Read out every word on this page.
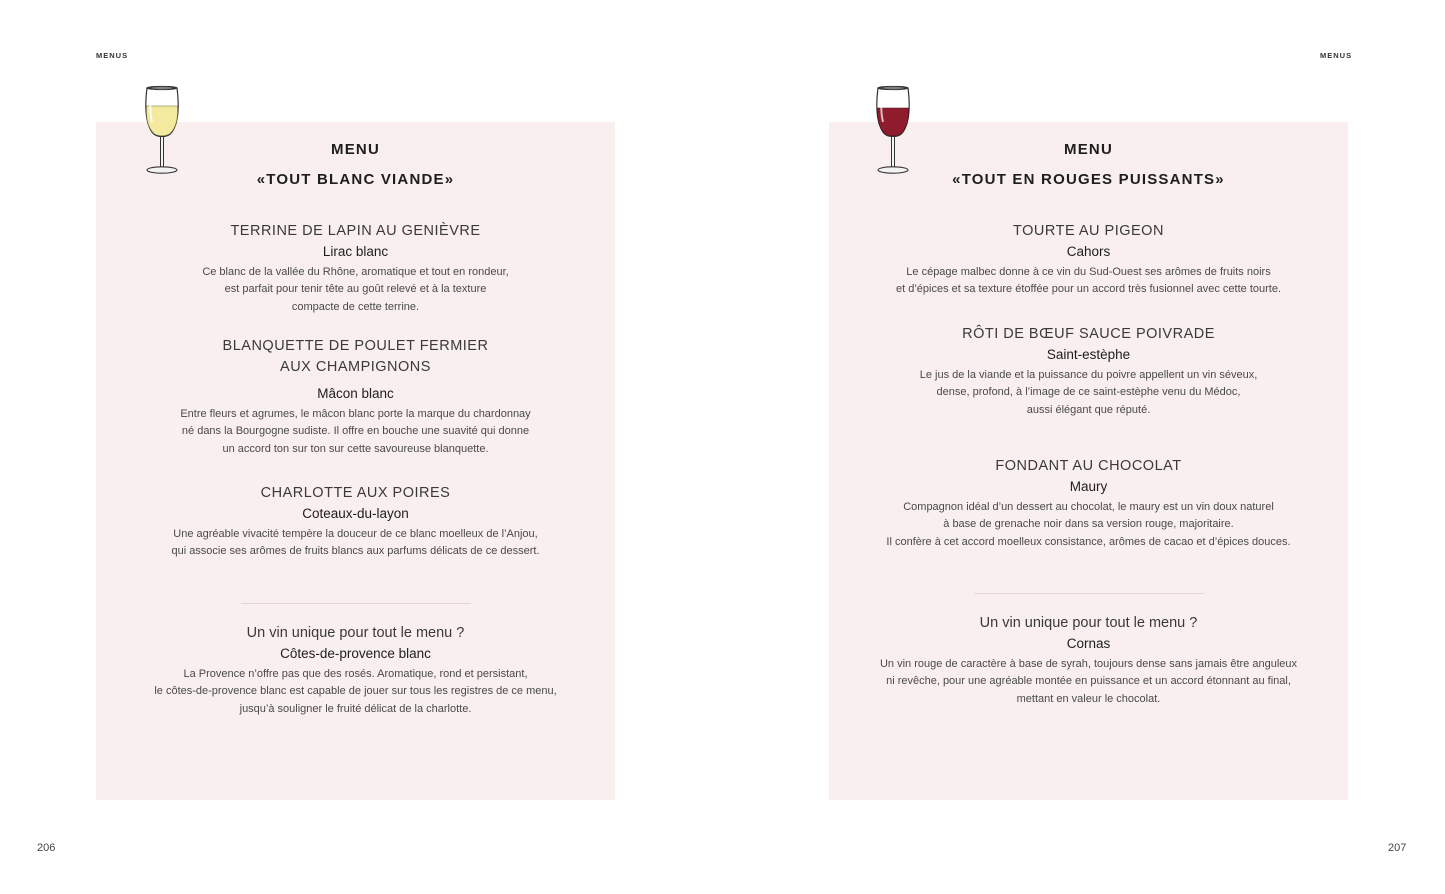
MENUS	MENUS
206	207
MENU
«TOUT BLANC VIANDE»
TERRINE DE LAPIN AU GENIÈVRE
Lirac blanc
Ce blanc de la vallée du Rhône, aromatique et tout en rondeur,
est parfait pour tenir tête au goût relevé et à la texture
compacte de cette terrine.
BLANQUETTE DE POULET FERMIER
AUX CHAMPIGNONS
Mâcon blanc
Entre fleurs et agrumes, le mâcon blanc porte la marque du chardonnay
né dans la Bourgogne sudiste. Il offre en bouche une suavité qui donne
un accord ton sur ton sur cette savoureuse blanquette.
CHARLOTTE AUX POIRES
Coteaux-du-layon
Une agréable vivacité tempère la douceur de ce blanc moelleux de l’Anjou,
qui associe ses arômes de fruits blancs aux parfums délicats de ce dessert.
Un vin unique pour tout le menu ?
Côtes-de-provence blanc
La Provence n’offre pas que des rosés. Aromatique, rond et persistant,
le côtes-de-provence blanc est capable de jouer sur tous les registres de ce menu,
jusqu’à souligner le fruité délicat de la charlotte.
MENU
«TOUT EN ROUGES PUISSANTS»
TOURTE AU PIGEON
Cahors
Le cépage malbec donne à ce vin du Sud-Ouest ses arômes de fruits noirs
et d’épices et sa texture étoffée pour un accord très fusionnel avec cette tourte.
RÔTI DE BŒUF SAUCE POIVRADE
Saint-estèphe
Le jus de la viande et la puissance du poivre appellent un vin séveux,
dense, profond, à l’image de ce saint-estèphe venu du Médoc,
aussi élégant que réputé.
FONDANT AU CHOCOLAT
Maury
Compagnon idéal d’un dessert au chocolat, le maury est un vin doux naturel
à base de grenache noir dans sa version rouge, majoritaire.
Il confère à cet accord moelleux consistance, arômes de cacao et d’épices douces.
Un vin unique pour tout le menu ?
Cornas
Un vin rouge de caractère à base de syrah, toujours dense sans jamais être anguleux
ni revêche, pour une agréable montée en puissance et un accord étonnant au final,
mettant en valeur le chocolat.
